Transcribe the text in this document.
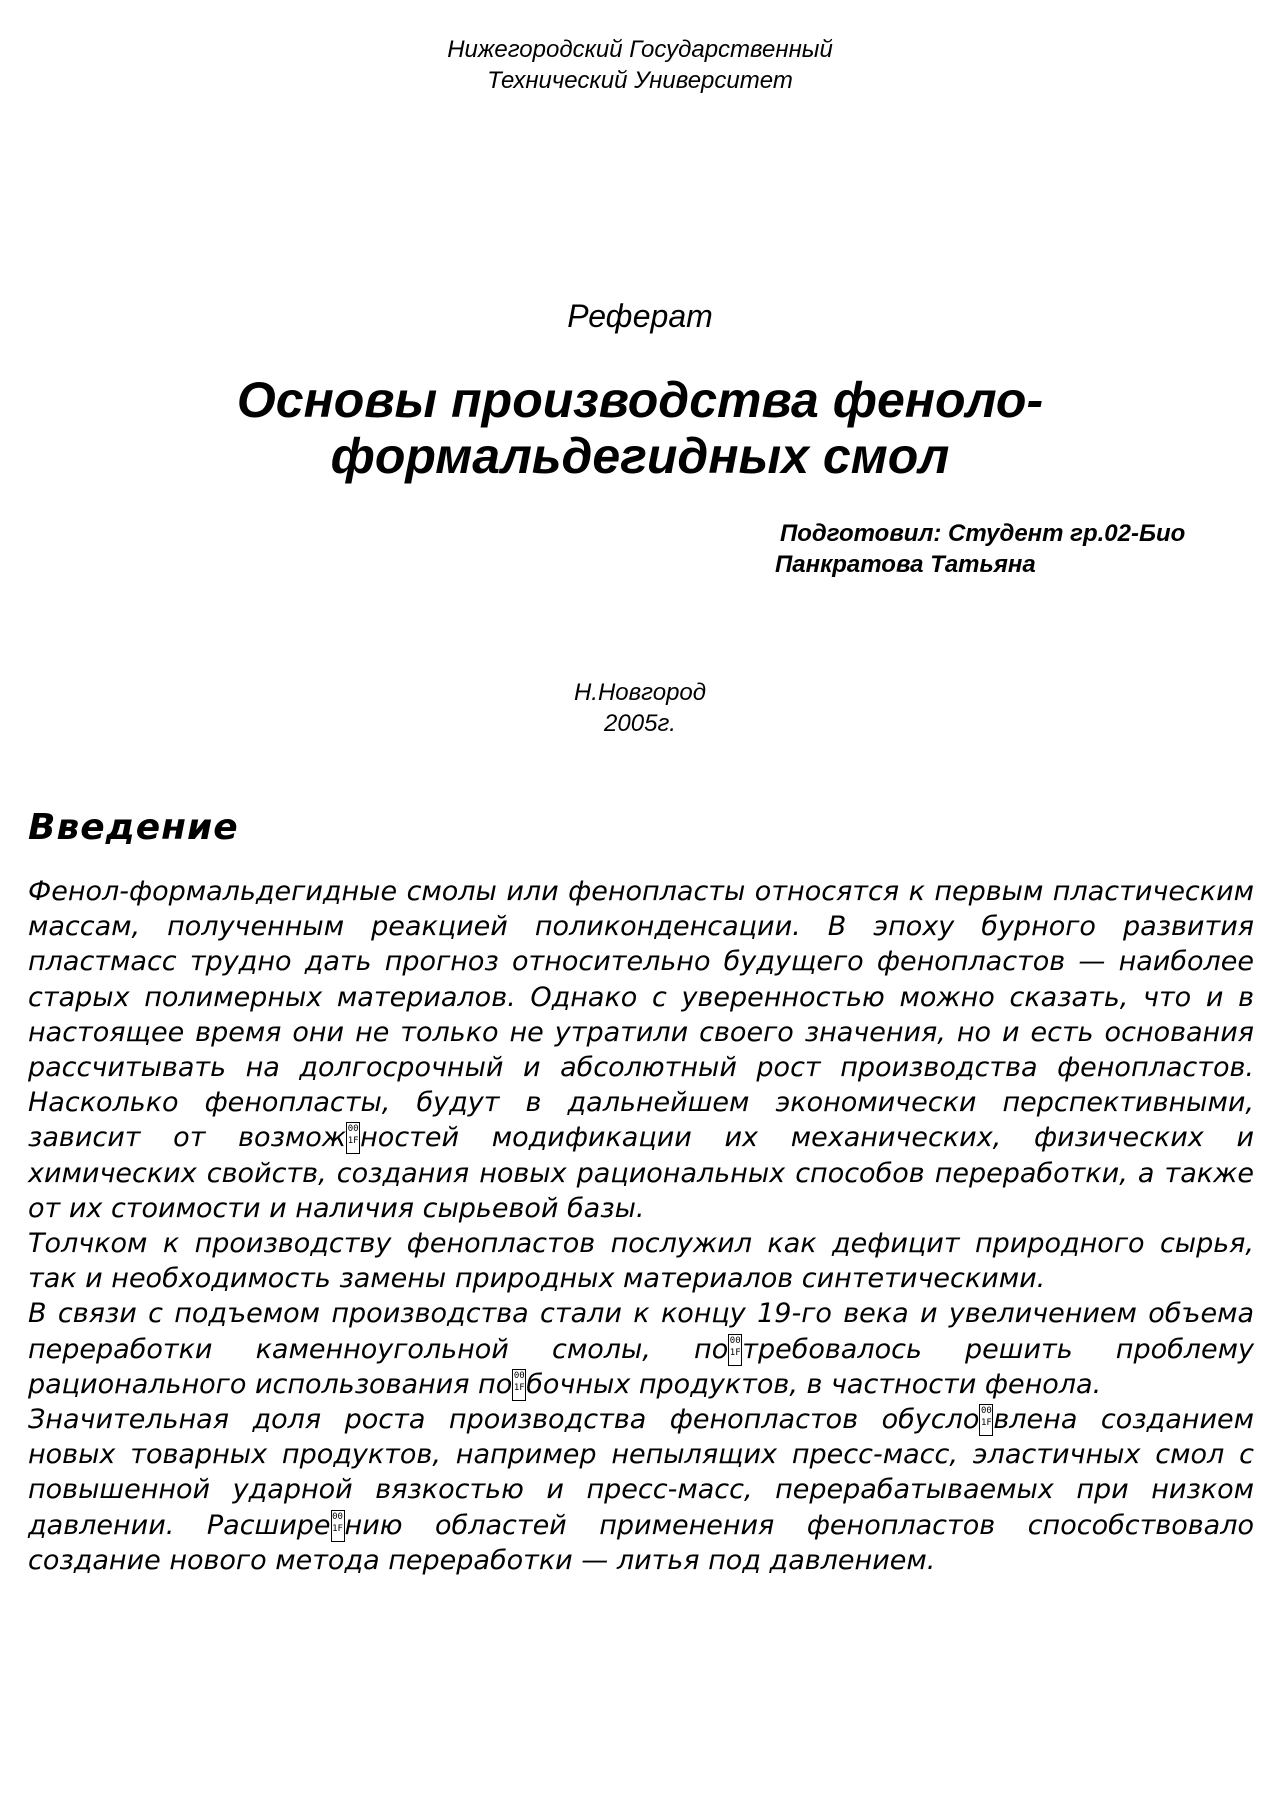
Нижегородский Государственный
Технический Университет
Реферат
Основы производства феноло-
формальдегидных смол
Подготовил: Студент гр.02-Био
Панкратова Татьяна
Н.Новгород
2005г.
Введение

Фенол-формальдегидные смолы или фенопласты относятся к первым пластическим массам, полученным реакцией поликонденсации. В эпоху бурного развития пластмасс трудно дать прогноз относительно будущего фенопластов — наиболее старых полимерных материалов. Однако с уверенностью можно сказать, что и в настоящее время они не только не утратили своего значения, но и есть основания рассчитывать на долгосрочный и абсолютный рост производства фенопластов. Насколько фенопласты, будут в дальнейшем экономически перспективными, зависит от возмож 00
1Fностей модификации их механических, физических и химических свойств, создания новых рациональных способов переработки, а также от их стоимости и наличия сырьевой базы.

Толчком к производству фенопластов послужил как дефицит природного сырья, так и необходимость замены природных материалов синтетическими.

В связи с подъемом производства стали к концу 19-го века и увеличением объема переработки каменноугольной смолы, по 00
1Fтребовалось решить проблему рационального использования по 00
1Fбочных продуктов, в частности фенола.

Значительная доля роста производства фенопластов обусло 00
1Fвлена созданием новых товарных продуктов, например непылящих пресс-масс, эластичных смол с повышенной ударной вязкостью и пресс-масс, перерабатываемых при низком давлении. Расшире 00
1Fнию областей применения фенопластов способствовало создание нового метода переработки — литья под давлением.
